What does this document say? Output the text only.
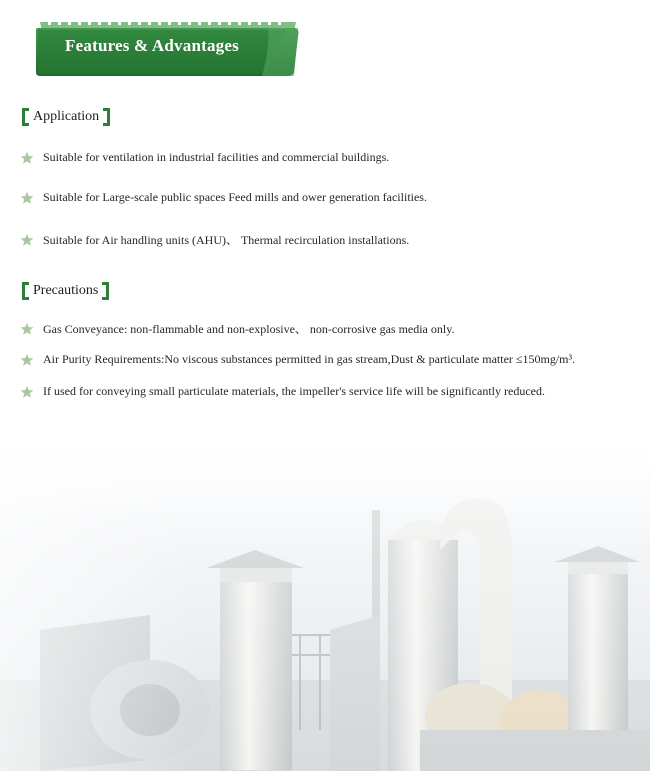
Features & Advantages
Application
Suitable for ventilation in industrial facilities and commercial buildings.
Suitable for Large-scale public spaces Feed mills and ower generation facilities.
Suitable for Air handling units (AHU)、 Thermal recirculation installations.
Precautions
Gas Conveyance: non-flammable and non-explosive、 non-corrosive gas media only.
Air Purity Requirements:No viscous substances permitted in gas stream,Dust & particulate matter ≤150mg/m³.
If used for conveying small particulate materials, the impeller's service life will be significantly reduced.
